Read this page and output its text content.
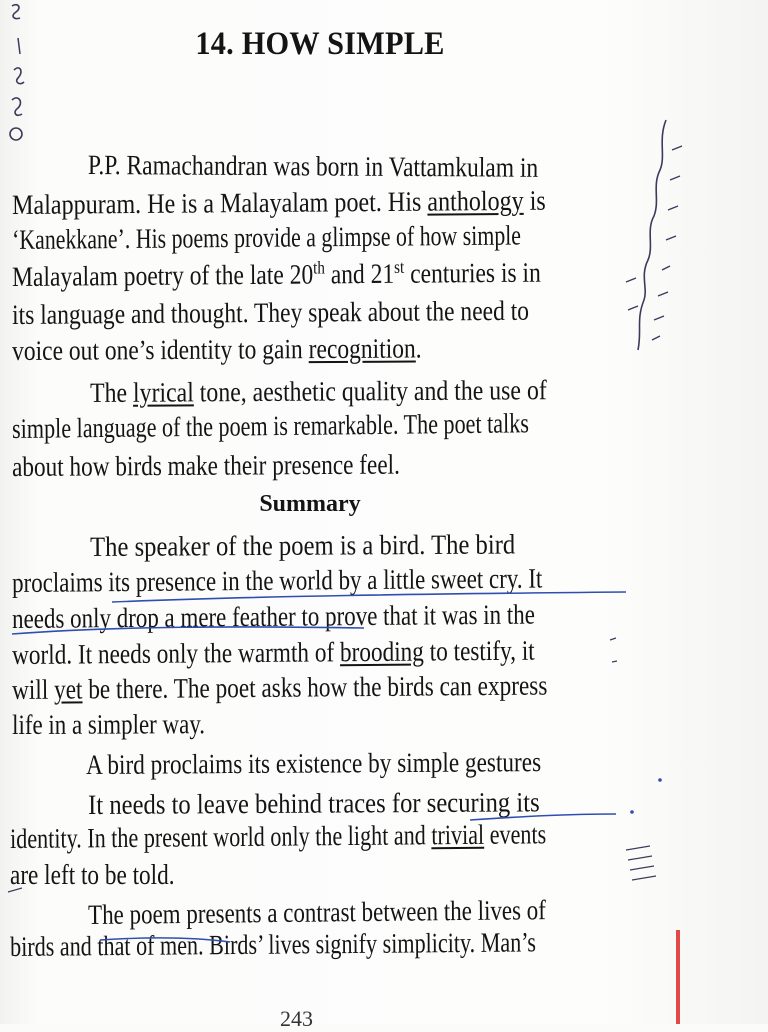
14. HOW SIMPLE
P.P. Ramachandran was born in Vattamkulam in
Malappuram. He is a Malayalam poet. His anthology is
‘Kanekkane’. His poems provide a glimpse of how simple
Malayalam poetry of the late 20th and 21st centuries is in
its language and thought. They speak about the need to
voice out one’s identity to gain recognition.
The lyrical tone, aesthetic quality and the use of
simple language of the poem is remarkable. The poet talks
about how birds make their presence feel.
Summary
The speaker of the poem is a bird. The bird
proclaims its presence in the world by a little sweet cry. It
needs only drop a mere feather to prove that it was in the
world. It needs only the warmth of brooding to testify, it
will yet be there. The poet asks how the birds can express
life in a simpler way.
A bird proclaims its existence by simple gestures
It needs to leave behind traces for securing its
identity. In the present world only the light and trivial events
are left to be told.
The poem presents a contrast between the lives of
birds and that of men. Birds’ lives signify simplicity. Man’s
243
